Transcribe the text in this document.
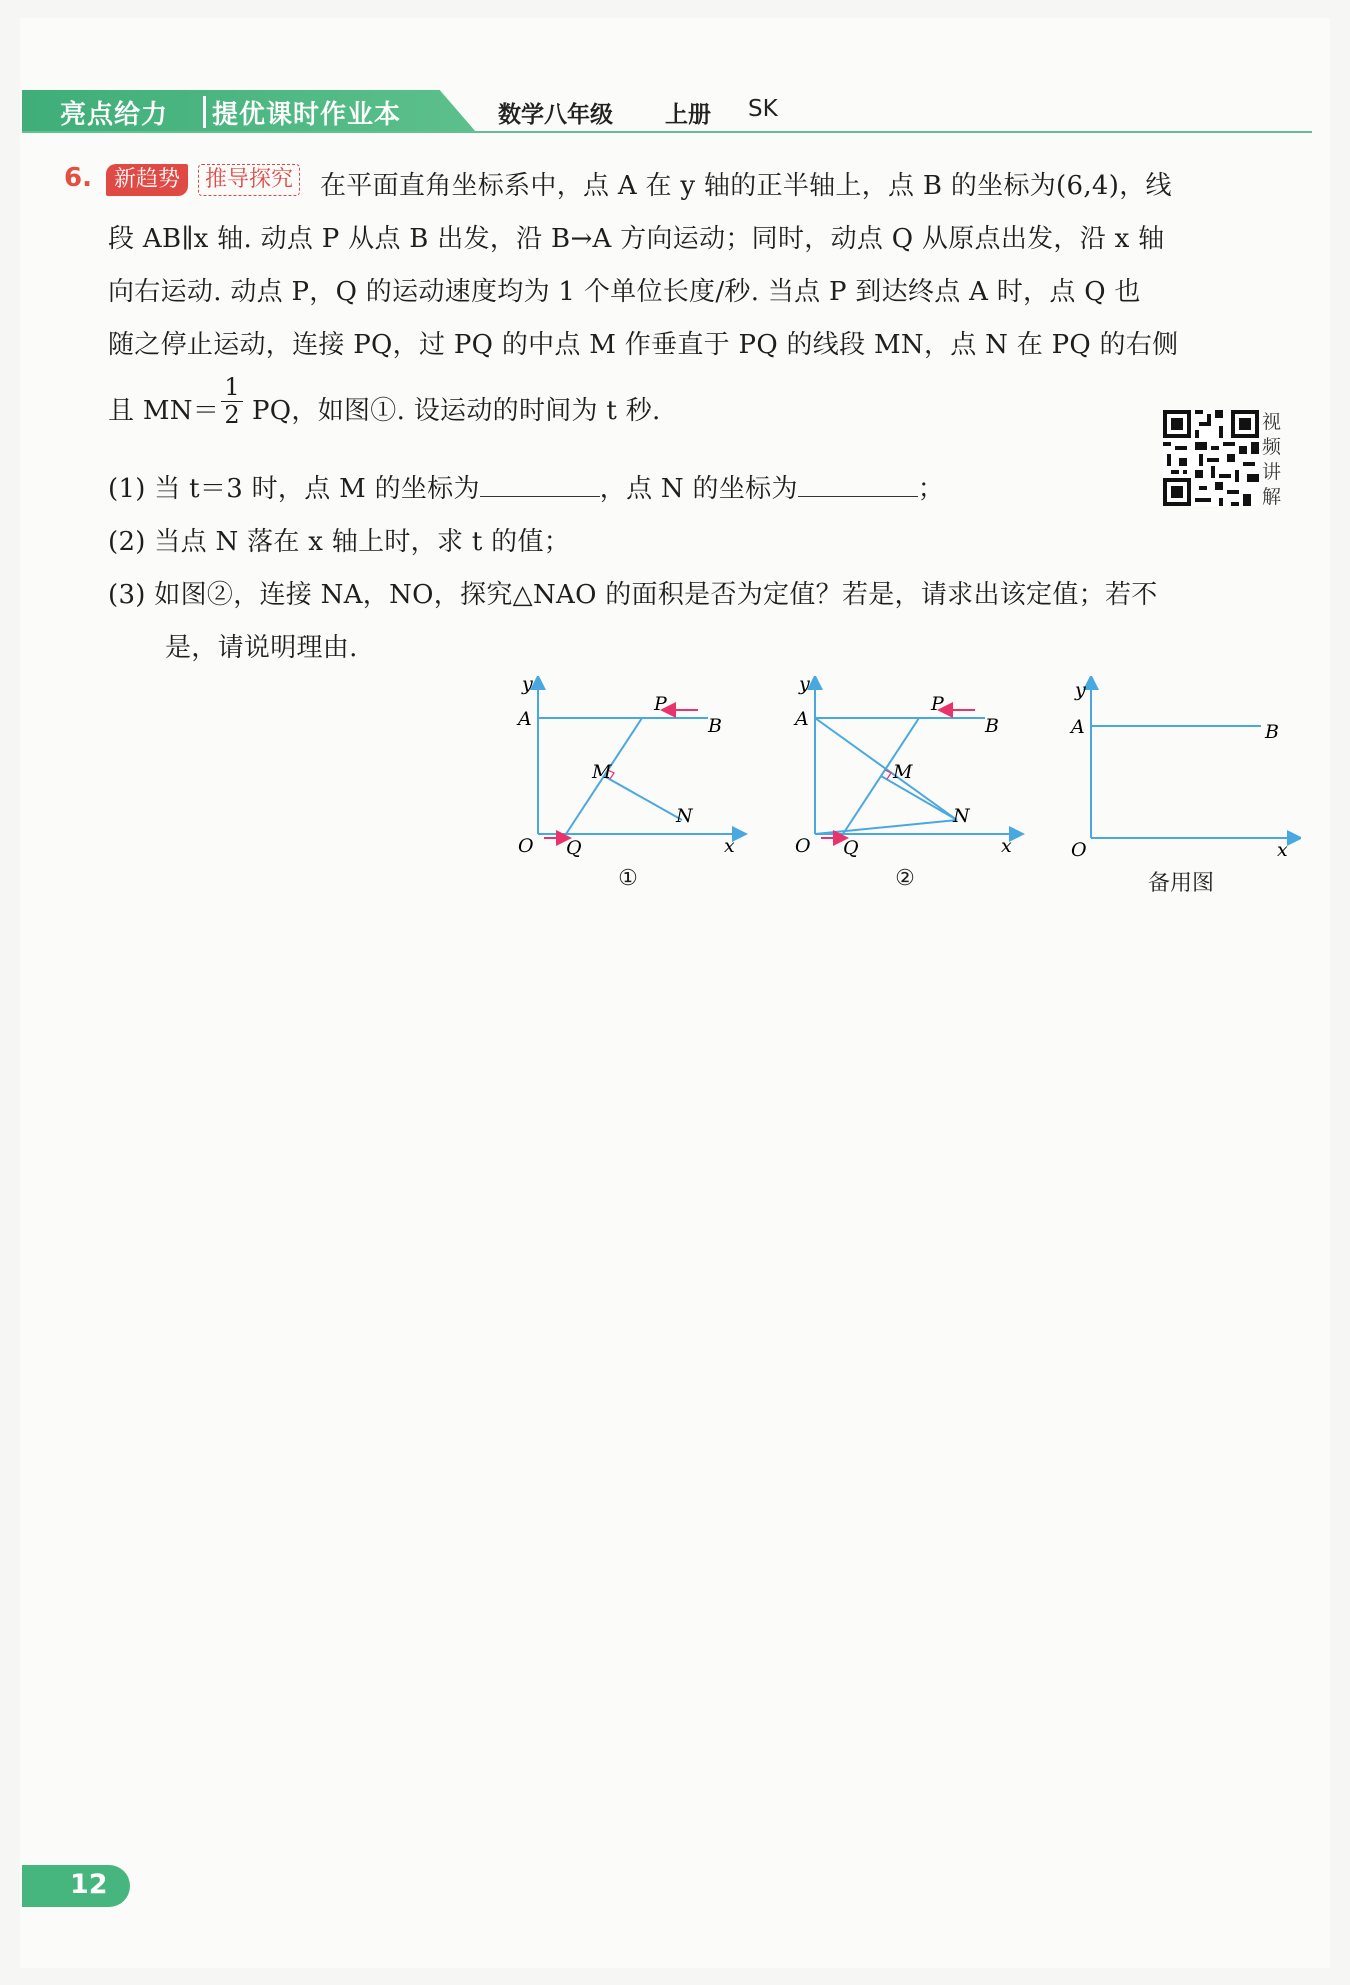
亮点给力 提优课时作业本	数学八年级 上册 SK
6.	新趋势	推导探究 在平面直角坐标系中，点 A 在 y 轴的正半轴上，点 B 的坐标为(6,4)，线
段 AB∥x 轴. 动点 P 从点 B 出发，沿 B→A 方向运动；同时，动点 Q 从原点出发，沿 x 轴
向右运动. 动点 P，Q 的运动速度均为 1 个单位长度/秒. 当点 P 到达终点 A 时，点 Q 也
随之停止运动，连接 PQ，过 PQ 的中点 M 作垂直于 PQ 的线段 MN，点 N 在 PQ 的右侧
且 $MN= \frac{1}{2}$ PQ，如图①. 设运动的时间为 t 秒.	视
频
讲
解
(1) 当 t＝3 时，点 M 的坐标为	，点 N 的坐标为	；
(2) 当点 N 落在 x 轴上时，求 t 的值；
(3) 如图②，连接 NA，NO，探究△NAO 的面积是否为定值？若是，请求出该定值；若不
是，请说明理由.
y
A
P
B
M
N
O Q	x
①
y
A
P
B
M
N
O Q	x
②
y
A	B
O	x
备用图
12
